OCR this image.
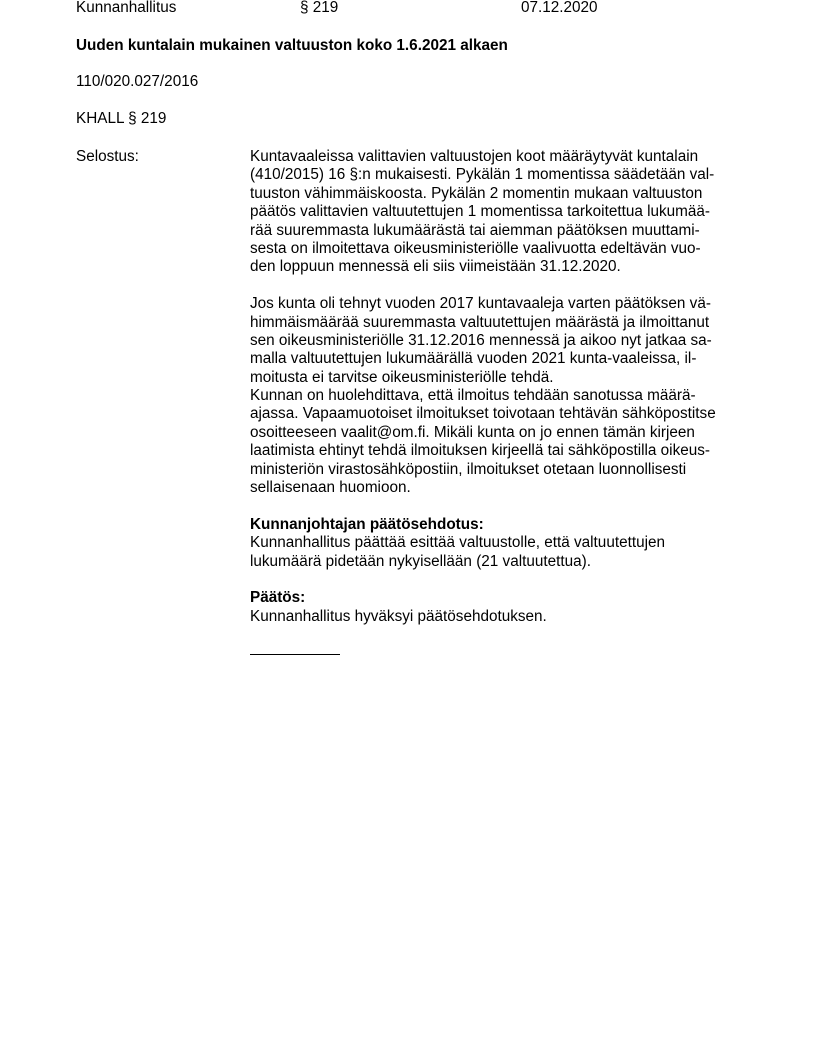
Kunnanhallitus	§ 219	07.12.2020
Uuden kuntalain mukainen valtuuston koko 1.6.2021 alkaen
110/020.027/2016
KHALL § 219
Selostus:	Kuntavaaleissa valittavien valtuustojen koot määräytyvät kuntalain
(410/2015) 16 §:n mukaisesti. Pykälän 1 momentissa säädetään val-
tuuston vähimmäiskoosta. Pykälän 2 momentin mukaan valtuuston
päätös valittavien valtuutettujen 1 momentissa tarkoitettua lukumää-
rää suuremmasta lukumäärästä tai aiemman päätöksen muuttami-
sesta on ilmoitettava oikeusministeriölle vaalivuotta edeltävän vuo-
den loppuun mennessä eli siis viimeistään 31.12.2020.
Jos kunta oli tehnyt vuoden 2017 kuntavaaleja varten päätöksen vä-
himmäismäärää suuremmasta valtuutettujen määrästä ja ilmoittanut
sen oikeusministeriölle 31.12.2016 mennessä ja aikoo nyt jatkaa sa-
malla valtuutettujen lukumäärällä vuoden 2021 kunta-vaaleissa, il-
moitusta ei tarvitse oikeusministeriölle tehdä.
Kunnan on huolehdittava, että ilmoitus tehdään sanotussa määrä-
ajassa. Vapaamuotoiset ilmoitukset toivotaan tehtävän sähköpostitse
osoitteeseen vaalit@om.fi. Mikäli kunta on jo ennen tämän kirjeen
laatimista ehtinyt tehdä ilmoituksen kirjeellä tai sähköpostilla oikeus-
ministeriön virastosähköpostiin, ilmoitukset otetaan luonnollisesti
sellaisenaan huomioon.
Kunnanjohtajan päätösehdotus:
Kunnanhallitus päättää esittää valtuustolle, että valtuutettujen
lukumäärä pidetään nykyisellään (21 valtuutettua).
Päätös:
Kunnanhallitus hyväksyi päätösehdotuksen.
